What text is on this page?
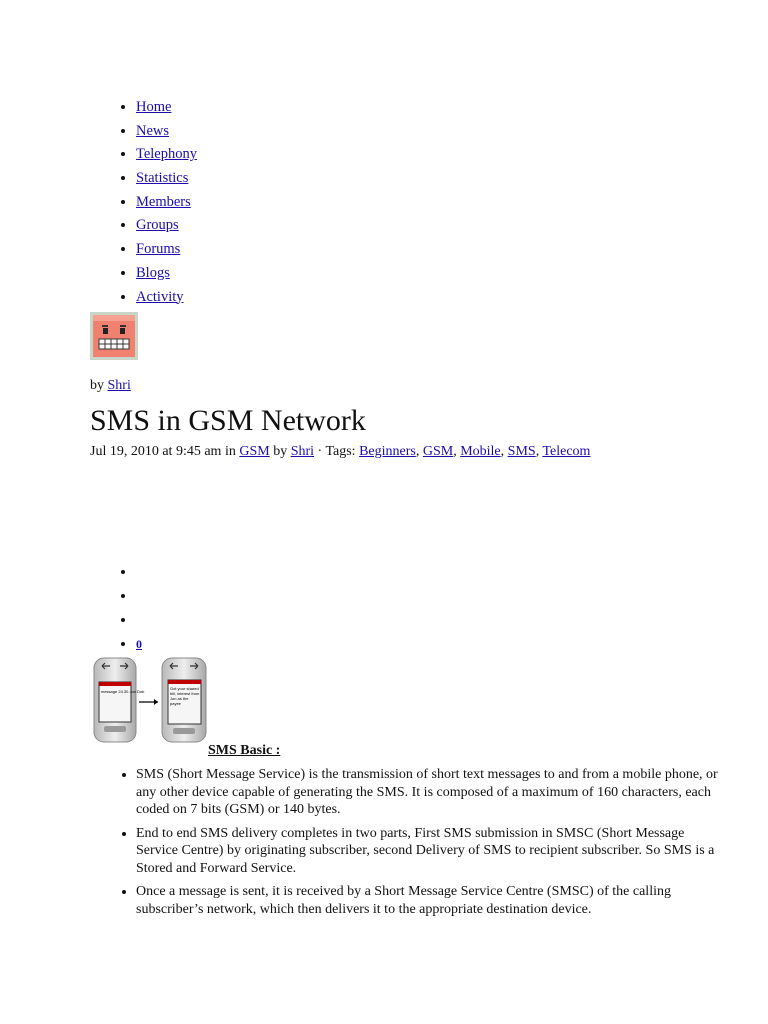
• Home
• News
• Telephony
• Statistics
• Members
• Groups
• Forums
• Blogs
• Activity
by Shri
SMS in GSM Network
Jul 19, 2010 at 9:45 am in GSM by Shri · Tags: Beginners, GSM, Mobile, SMS, Telecom
•
•
•
• 0
message 24.30 Jon Dob
Got your shared bill, interest from Jon as the payee
SMS Basic :
• SMS (Short Message Service) is the transmission of short text messages to and from a mobile phone, or any other device capable of generating the SMS. It is composed of a maximum of 160 characters, each coded on 7 bits (GSM) or 140 bytes.
• End to end SMS delivery completes in two parts, First SMS submission in SMSC (Short Message Service Centre) by originating subscriber, second Delivery of SMS to recipient subscriber. So SMS is a Stored and Forward Service.
• Once a message is sent, it is received by a Short Message Service Centre (SMSC) of the calling subscriber’s network, which then delivers it to the appropriate destination device.
